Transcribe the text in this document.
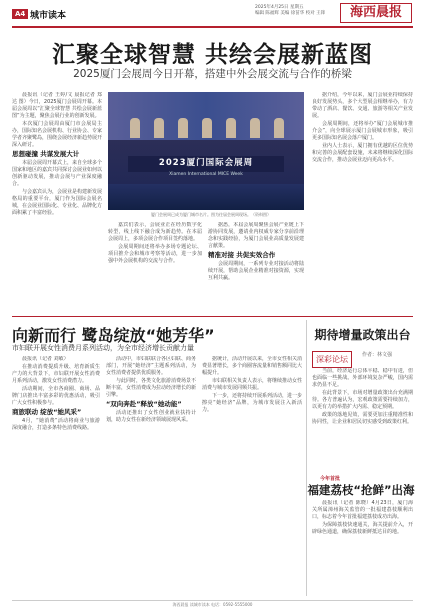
A4 城市读本
2025年4月25日 星期五
编辑 陈福辉 美编 徐苗华 校对 王锋	海西晨报
汇聚全球智慧 共绘会展新蓝图
2025厦门会展周今日开幕，搭建中外会展交流与合作的桥梁

晨报讯（记者 王婷/文 晨报记者 郑达 图）今日，2025厦门会展周开幕。本届会展周以“汇聚全球智慧 共绘会展新蓝图”为主题，聚焦会展行业的创新发展。

本次厦门会展周由厦门市会展局主办，国际知名会展机构、行业协会、专家学者齐聚鹭岛，围绕会展经济新趋势展开深入研讨。

思想碰撞 共谋发展大计

本届会展周开幕式上，来自全球多个国家和地区的嘉宾共同探讨会展业如何以创新驱动发展，推动会展与产业深度融合。

与会嘉宾认为，会展业是构建新发展格局的重要平台，厦门作为国际会展名城，在会展业国际化、专业化、品牌化方面积累了丰富经验。

2023厦门国际会展周
Xiamen International MICE Week
厦门会展周已成为厦门城市名片。图为往届会展周现场。（资料图）

嘉宾们表示，会展业正在经历数字化转型，线上线下融合成为新趋势。在本届会展周上，多项会展合作项目签约落地。

会展周期间还将举办多场专题论坛、项目推介会和城市考察等活动，进一步加强中外会展机构的交流与合作。

据悉，本届会展周聚焦会展产业链上下游协同发展，邀请业内权威专家分享前沿理念和实践经验，为厦门会展业高质量发展建言献策。

精准对接 共促实效合作

会展周期间，一系列专业对接活动将陆续开展，帮助会展企业精准对接资源，实现互利共赢。

据介绍，今年以来，厦门会展业持续保持良好发展势头，多个大型展会相继举办，有力带动了酒店、餐饮、交通、旅游等相关产业发展。

会展周期间，还将举办“厦门会展城市推介会”，向全球展示厦门会展城市形象，吸引更多国际知名展会落户厦门。

业内人士表示，厦门拥有优越的区位优势和完善的会展配套设施，未来将继续深化国际交流合作，推动会展业迈向更高水平。

向新而行 鹭岛绽放“她芳华”
市妇联开展女性消费月系列活动，为全市经济增长贡献力量

晨报讯（记者 刘敏）

在推动消费提质升级、培育新质生产力的大背景下，市妇联开展女性消费月系列活动，激发女性消费潜力。

活动期间，全市各商圈、商场、品牌门店推出丰富多彩的优惠活动，吸引广大女性积极参与。

商旅联动 绽放“她风采”

4月，“她消费”活动将商业与旅游深度融合，打造多条特色消费线路。

活动中，市妇联联合各区妇联、商务部门，开展“她经济”主题系列活动，为女性消费者提供优质服务。

与此同时，各类文化旅游消费场景不断丰富，女性消费成为拉动经济增长的新引擎。

“双向奔赴”释放“她动能”

活动还推出了女性创业就业扶持计划，助力女性在新经济领域展现风采。

据统计，活动开展以来，全市女性相关消费显著增长，多个商圈客流量和销售额同比大幅提升。

市妇联相关负责人表示，将继续推动女性消费与城市发展同频共振。

下一步，还将持续开展系列活动，进一步擦亮“她经济”品牌，为城市发展注入新活力。

期待增量政策出台
深彩论坛	作者：林文强

当前，经济运行总体平稳、稳中有进，但也面临一些挑战。外部环境复杂严峻，国内需求仍显不足。

在此背景下，市场对增量政策出台充满期待。各方普遍认为，宏观政策需要持续加力，以更有力的举措扩大内需、稳定预期。

政策的落地见效，需要更加注重精准性和协同性，让企业和居民切实感受到政策红利。

今年首批
福建荔枝“抢鲜”出海

晨报讯（记者 陈晓）4月23日，厦门海关所属漳州海关监管的一批福建荔枝顺利出口，标志着今年首批福建荔枝成功出海。

为保障荔枝快速通关，海关提前介入，开辟绿色通道，确保荔枝新鲜抵达目的地。

海西晨报 读城市读本 电话：0592-5555000
